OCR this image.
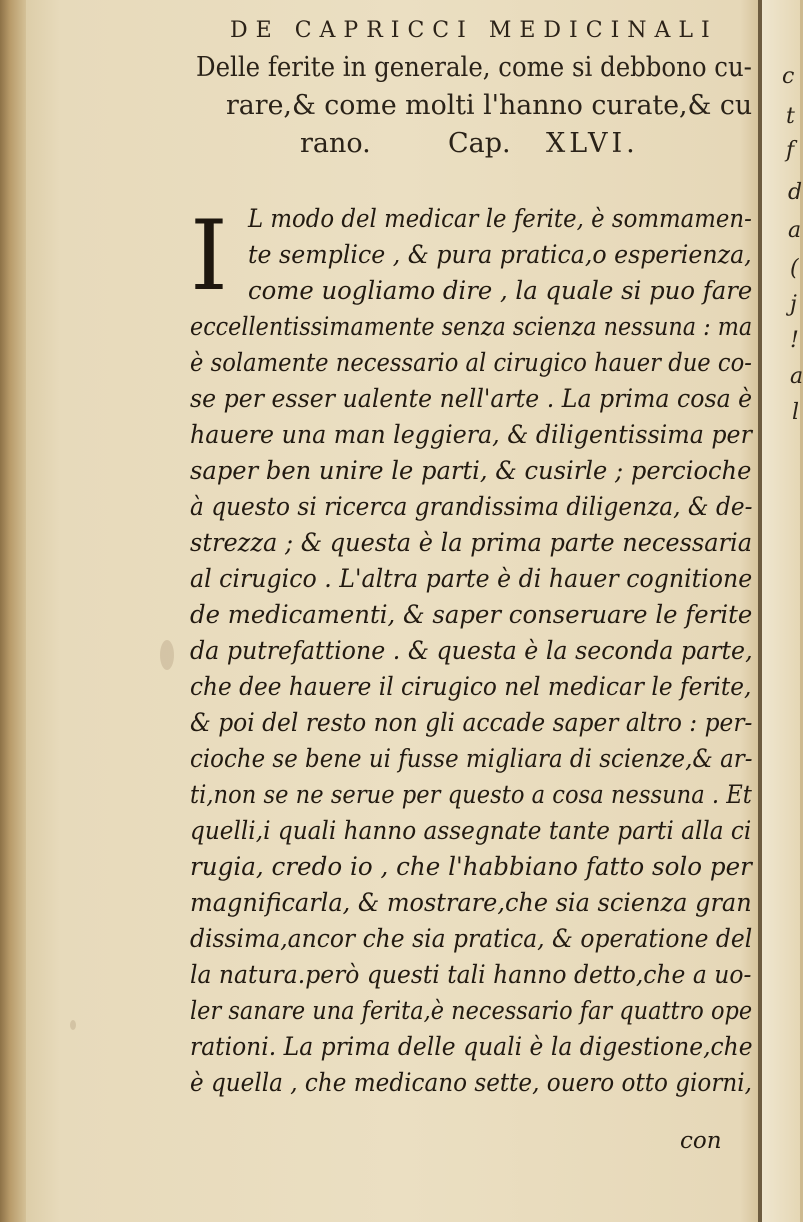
DE CAPRICCI MEDICINALI
Delle ferite in generale, come si debbono cu-
rare,& come molti l'hanno curate,& cu
rano.	Cap. XLVI.
I L modo del medicar le ferite, è sommamen-
te semplice , & pura pratica,o esperienza,
come uogliamo dire , la quale si puo fare
eccellentissimamente senza scienza nessuna : ma
è solamente necessario al cirugico hauer due co-
se per esser ualente nell'arte . La prima cosa è
hauere una man leggiera, & diligentissima per
saper ben unire le parti, & cusirle ; percioche
à questo si ricerca grandissima diligenza, & de-
strezza ; & questa è la prima parte necessaria
al cirugico . L'altra parte è di hauer cognitione
de medicamenti, & saper conseruare le ferite
da putrefattione . & questa è la seconda parte,
che dee hauere il cirugico nel medicar le ferite,
& poi del resto non gli accade saper altro : per-
cioche se bene ui fusse migliara di scienze,& ar-
ti,non se ne serue per questo a cosa nessuna . Et
quelli,i quali hanno assegnate tante parti alla ci
rugia, credo io , che l'habbiano fatto solo per
magnificarla, & mostrare,che sia scienza gran
dissima,ancor che sia pratica, & operatione del
la natura.però questi tali hanno detto,che a uo-
ler sanare una ferita,è necessario far quattro ope
rationi. La prima delle quali è la digestione,che
è quella , che medicano sette, ouero otto giorni,
con
c
t
f
d
a
(
j
!
a
l
